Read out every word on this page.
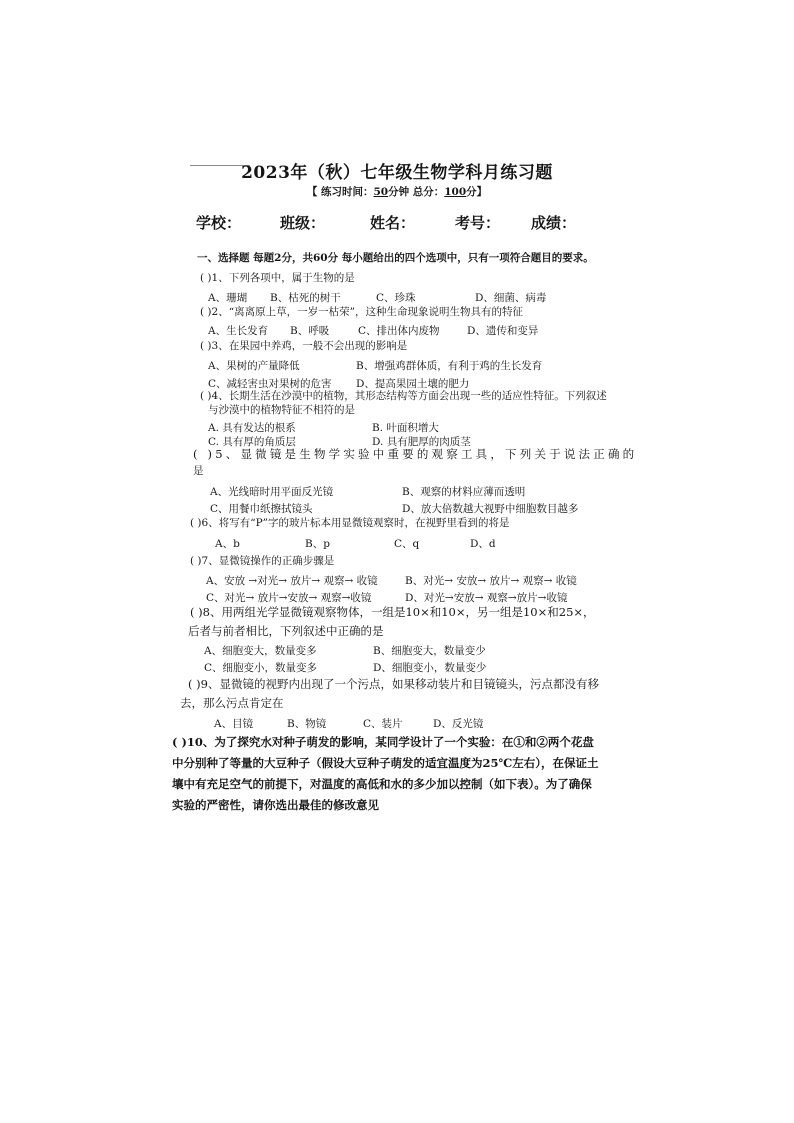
2023年（秋）七年级生物学科月练习题
【 练习时间：50分钟 总分：100分】
学校：	班级：	姓名：	考号： 成绩：
一、选择题 每题2分，共60分 每小题给出的四个选项中，只有一项符合题目的要求。
( )1、下列各项中，属于生物的是
A、珊瑚 B、枯死的树干	C、珍珠	D、细菌、病毒
( )2、“离离原上草，一岁一枯荣”，这种生命现象说明生物具有的特征
A、生长发育 B、呼吸	C、排出体内废物	D、遗传和变异
( )3、在果园中养鸡，一般不会出现的影响是
A、果树的产量降低	B、增强鸡群体质，有利于鸡的生长发育
C、减轻害虫对果树的危害 D、提高果园土壤的肥力
( )4、长期生活在沙漠中的植物，其形态结构等方面会出现一些的适应性特征。下列叙述
与沙漠中的植物特征不相符的是
A. 具有发达的根系	B. 叶面积增大
C. 具有厚的角质层	D. 具有肥厚的肉质茎
( )5、显微镜是生物学实验中重要的观察工具，下列关于说法正确的
是
A、光线暗时用平面反光镜	B、观察的材料应薄而透明
C、用餐巾纸擦拭镜头	D、放大倍数越大视野中细胞数目越多
( )6、将写有“P”字的玻片标本用显微镜观察时，在视野里看到的将是
A、b	B、p	C、q	D、d
( )7、显微镜操作的正确步骤是
A、安放 →对光→ 放片→ 观察→ 收镜	B、对光→ 安放→ 放片→ 观察→ 收镜
C、对光→ 放片→安放→ 观察→收镜	D、对光→安放→ 观察→放片→收镜
( )8、用两组光学显微镜观察物体，一组是10×和10×，另一组是10×和25×，
后者与前者相比，下列叙述中正确的是
A、细胞变大，数量变多	B、细胞变大，数量变少
C、细胞变小，数量变多	D、细胞变小，数量变少
( )9、显微镜的视野内出现了一个污点，如果移动装片和目镜镜头，污点都没有移
去，那么污点肯定在
A、目镜	B、物镜	C、装片	D、反光镜
( )10、为了探究水对种子萌发的影响，某同学设计了一个实验：在①和②两个花盘
中分别种了等量的大豆种子（假设大豆种子萌发的适宜温度为25℃左右），在保证土
壤中有充足空气的前提下，对温度的高低和水的多少加以控制（如下表）。为了确保
实验的严密性，请你选出最佳的修改意见
